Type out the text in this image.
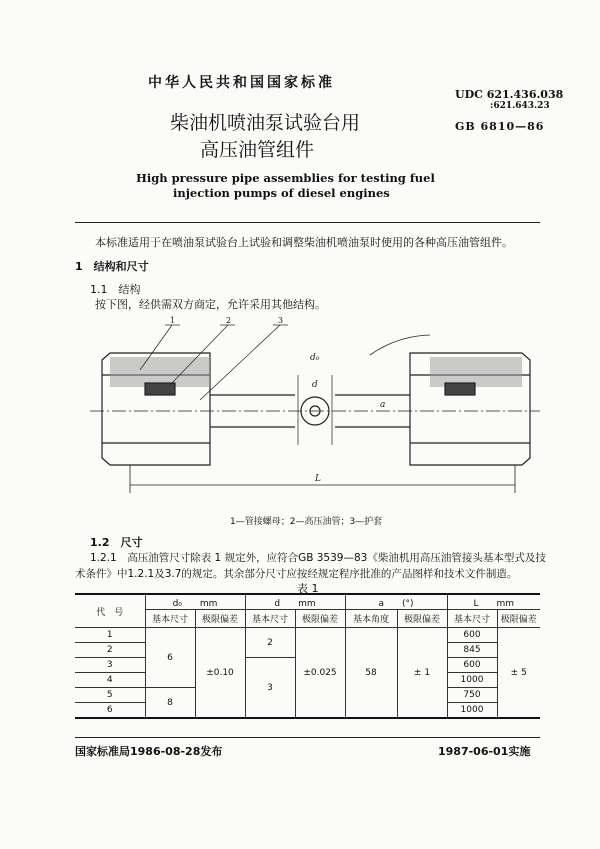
中华人民共和国国家标准
UDC 621.436.038
:621.643.23
GB 6810—86
柴油机喷油泵试验台用
高压油管组件
High pressure pipe assemblies for testing fuel
injection pumps of diesel engines
本标准适用于在喷油泵试验台上试验和调整柴油机喷油泵时使用的各种高压油管组件。
1　结构和尺寸
1.1　结构
按下图，经供需双方商定，允许采用其他结构。
1	2	3
d₀
d
a
L
1—管接螺母；2—高压油管；3—护套
1.2　尺寸
1.2.1　高压油管尺寸除表 1 规定外，应符合GB 3539—83《柴油机用高压油管接头基本型式及技
术条件》中1.2.1及3.7的规定。其余部分尺寸应按经规定程序批准的产品图样和技术文件制造。
表 1
代　号	d₀　　mm		d　　mm		a　　(°)		L　　mm	
	基本尺寸	极限偏差	基本尺寸	极限偏差	基本角度	极限偏差	基本尺寸	极限偏差
1	6	±0.10	2	±0.025	58	± 1	600	± 5
2							845	
3			3				600	
4							1000	
5	8						750	
6							1000	
国家标准局1986-08-28发布	1987-06-01实施
